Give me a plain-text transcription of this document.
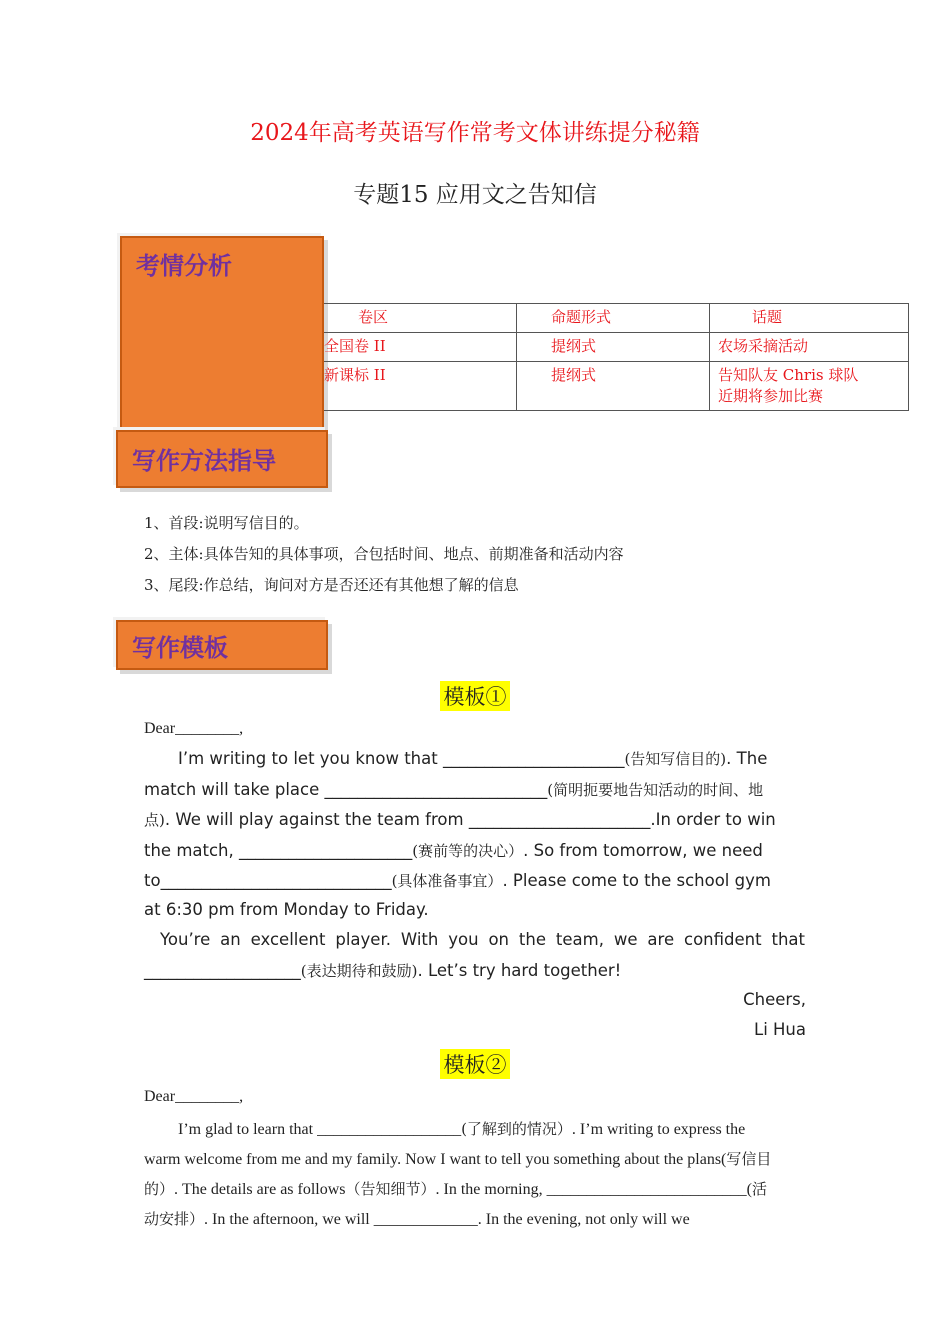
2024年高考英语写作常考文体讲练提分秘籍
专题15 应用文之告知信
考情分析
卷区	命题形式	话题
全国卷 II	提纲式	农场采摘活动
新课标 II	提纲式	告知队友 Chris 球队
近期将参加比赛
写作方法指导
1、首段:说明写信目的。
2、主体:具体告知的具体事项，合包括时间、地点、前期准备和活动内容
3、尾段:作总结，询问对方是否还还有其他想了解的信息
写作模板
模板①
Dear________,
I’m writing to let you know that ______________________(告知写信目的). The
match will take place ___________________________(简明扼要地告知活动的时间、地
点). We will play against the team from ______________________.In order to win
the match, _____________________(赛前等的决心）. So from tomorrow, we need
to____________________________(具体准备事宜）. Please come to the school gym
at 6:30 pm from Monday to Friday.
You’re an excellent player. With you on the team, we are confident that
___________________(表达期待和鼓励). Let’s try hard together!
Cheers,
Li Hua
模板②
Dear________,
I’m glad to learn that __________________(了解到的情况）. I’m writing to express the
warm welcome from me and my family. Now I want to tell you something about the plans(写信目
的）. The details are as follows（告知细节）. In the morning, _________________________(活
动安排）. In the afternoon, we will _____________. In the evening, not only will we
